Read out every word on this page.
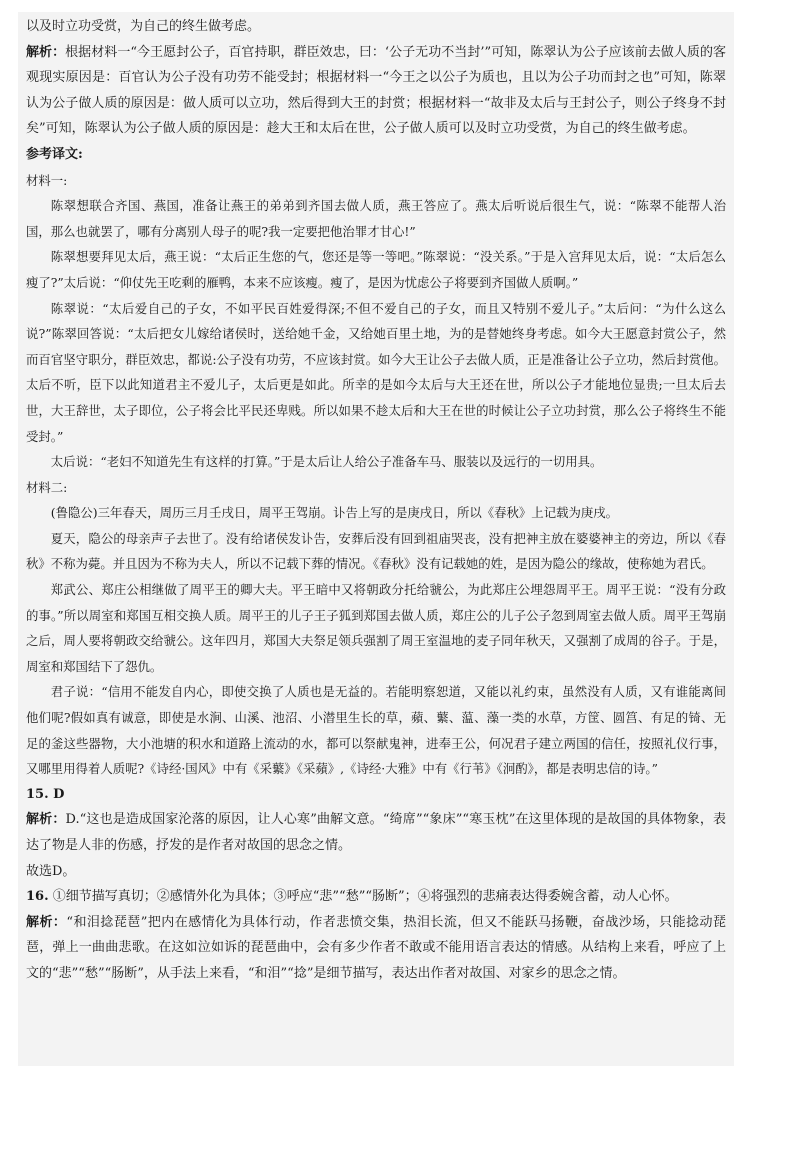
以及时立功受赏，为自己的终生做考虑。

解析：根据材料一“今王愿封公子，百官持职，群臣效忠，曰：‘公子无功不当封’”可知，陈翠认为公子应该前去做人质的客观现实原因是：百官认为公子没有功劳不能受封；根据材料一“今王之以公子为质也，且以为公子功而封之也”可知，陈翠认为公子做人质的原因是：做人质可以立功，然后得到大王的封赏；根据材料一“故非及太后与王封公子，则公子终身不封矣”可知，陈翠认为公子做人质的原因是：趁大王和太后在世，公子做人质可以及时立功受赏，为自己的终生做考虑。

参考译文:

材料一:

陈翠想联合齐国、燕国，准备让燕王的弟弟到齐国去做人质，燕王答应了。燕太后听说后很生气，说：“陈翠不能帮人治国，那么也就罢了，哪有分离别人母子的呢?我一定要把他治罪才甘心!”

陈翠想要拜见太后，燕王说：“太后正生您的气，您还是等一等吧。”陈翠说：“没关系。”于是入宫拜见太后，说：“太后怎么瘦了?”太后说：“仰仗先王吃剩的雁鸭，本来不应该瘦。瘦了，是因为忧虑公子将要到齐国做人质啊。”

陈翠说：“太后爱自己的子女，不如平民百姓爱得深;不但不爱自己的子女，而且又特别不爱儿子。”太后问：“为什么这么说?”陈翠回答说：“太后把女儿嫁给诸侯时，送给她千金，又给她百里土地，为的是替她终身考虑。如今大王愿意封赏公子，然而百官坚守职分，群臣效忠，都说:公子没有功劳，不应该封赏。如今大王让公子去做人质，正是准备让公子立功，然后封赏他。太后不听，臣下以此知道君主不爱儿子，太后更是如此。所幸的是如今太后与大王还在世，所以公子才能地位显贵;一旦太后去世，大王辞世，太子即位，公子将会比平民还卑贱。所以如果不趁太后和大王在世的时候让公子立功封赏，那么公子将终生不能受封。”

太后说：“老妇不知道先生有这样的打算。”于是太后让人给公子准备车马、服装以及远行的一切用具。

材料二:

(鲁隐公)三年春天，周历三月壬戌日，周平王驾崩。讣告上写的是庚戌日，所以《春秋》上记载为庚戌。

夏天，隐公的母亲声子去世了。没有给诸侯发讣告，安葬后没有回到祖庙哭丧，没有把神主放在婆婆神主的旁边，所以《春秋》不称为薨。并且因为不称为夫人，所以不记载下葬的情况。《春秋》没有记载她的姓，是因为隐公的缘故，使称她为君氏。

郑武公、郑庄公相继做了周平王的卿大夫。平王暗中又将朝政分托给虢公，为此郑庄公埋怨周平王。周平王说：“没有分政的事。”所以周室和郑国互相交换人质。周平王的儿子王子狐到郑国去做人质，郑庄公的儿子公子忽到周室去做人质。周平王驾崩之后，周人要将朝政交给虢公。这年四月，郑国大夫祭足领兵强割了周王室温地的麦子同年秋天，又强割了成周的谷子。于是，周室和郑国结下了怨仇。

君子说：“信用不能发自内心，即使交换了人质也是无益的。若能明察恕道，又能以礼约束，虽然没有人质，又有谁能离间他们呢?假如真有诚意，即使是水涧、山溪、池沼、小潜里生长的草，蘋、蘩、蕰、藻一类的水草，方筐、圆筥、有足的锜、无足的釜这些器物，大小池塘的积水和道路上流动的水，都可以祭献鬼神，进奉王公，何况君子建立两国的信任，按照礼仪行事，又哪里用得着人质呢?《诗经·国风》中有《采蘩》《采蘋》,《诗经·大雅》中有《行苇》《泂酌》，都是表明忠信的诗。”

15. D

解析：D.“这也是造成国家沦落的原因，让人心寒”曲解文意。“绮席”“象床”“寒玉枕”在这里体现的是故国的具体物象，表达了物是人非的伤感，抒发的是作者对故国的思念之情。

故选D。

16. ①细节描写真切；②感情外化为具体；③呼应“悲”“愁”“肠断”；④将强烈的悲痛表达得委婉含蓄，动人心怀。

解析：“和泪捻琵琶”把内在感情化为具体行动，作者悲愤交集，热泪长流，但又不能跃马扬鞭，奋战沙场，只能捻动琵琶，弹上一曲曲悲歌。在这如泣如诉的琵琶曲中，会有多少作者不敢或不能用语言表达的情感。从结构上来看，呼应了上文的“悲”“愁”“肠断”，从手法上来看，“和泪”“捻”是细节描写，表达出作者对故国、对家乡的思念之情。
